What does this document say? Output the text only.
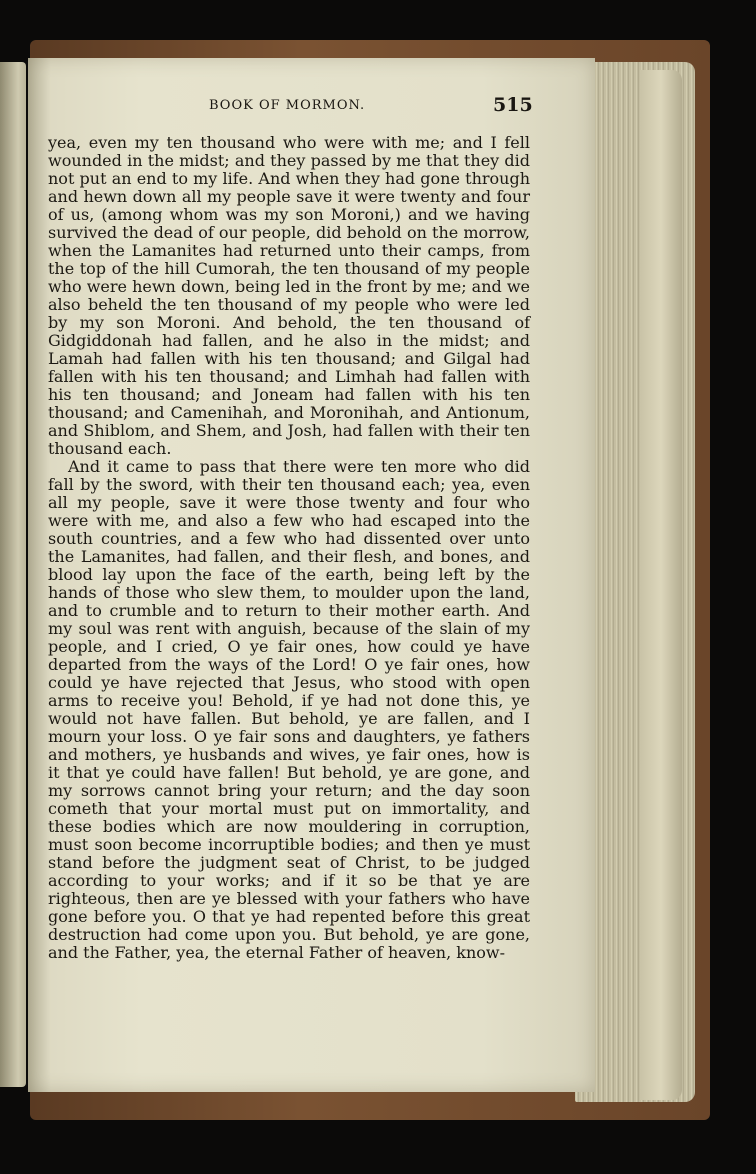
BOOK OF MORMON.	515

yea, even my ten thousand who were with me; and I fell wounded in the midst; and they passed by me that they did not put an end to my life. And when they had gone through and hewn down all my people save it were twenty and four of us, (among whom was my son Moroni,) and we having survived the dead of our people, did behold on the morrow, when the Lamanites had returned unto their camps, from the top of the hill Cumorah, the ten thousand of my people who were hewn down, being led in the front by me; and we also beheld the ten thousand of my people who were led by my son Moroni. And behold, the ten thousand of Gidgiddonah had fallen, and he also in the midst; and Lamah had fallen with his ten thousand; and Gilgal had fallen with his ten thousand; and Limhah had fallen with his ten thousand; and Joneam had fallen with his ten thousand; and Camenihah, and Moronihah, and Antionum, and Shiblom, and Shem, and Josh, had fallen with their ten thousand each.

And it came to pass that there were ten more who did fall by the sword, with their ten thousand each; yea, even all my people, save it were those twenty and four who were with me, and also a few who had escaped into the south countries, and a few who had dissented over unto the Lamanites, had fallen, and their flesh, and bones, and blood lay upon the face of the earth, being left by the hands of those who slew them, to moulder upon the land, and to crumble and to return to their mother earth. And my soul was rent with anguish, because of the slain of my people, and I cried, O ye fair ones, how could ye have departed from the ways of the Lord! O ye fair ones, how could ye have rejected that Jesus, who stood with open arms to receive you! Behold, if ye had not done this, ye would not have fallen. But behold, ye are fallen, and I mourn your loss. O ye fair sons and daughters, ye fathers and mothers, ye husbands and wives, ye fair ones, how is it that ye could have fallen! But behold, ye are gone, and my sorrows cannot bring your return; and the day soon cometh that your mortal must put on immortality, and these bodies which are now mouldering in corruption, must soon become incorruptible bodies; and then ye must stand before the judgment seat of Christ, to be judged according to your works; and if it so be that ye are righteous, then are ye blessed with your fathers who have gone before you. O that ye had repented before this great destruction had come upon you. But behold, ye are gone, and the Father, yea, the eternal Father of heaven, know-
